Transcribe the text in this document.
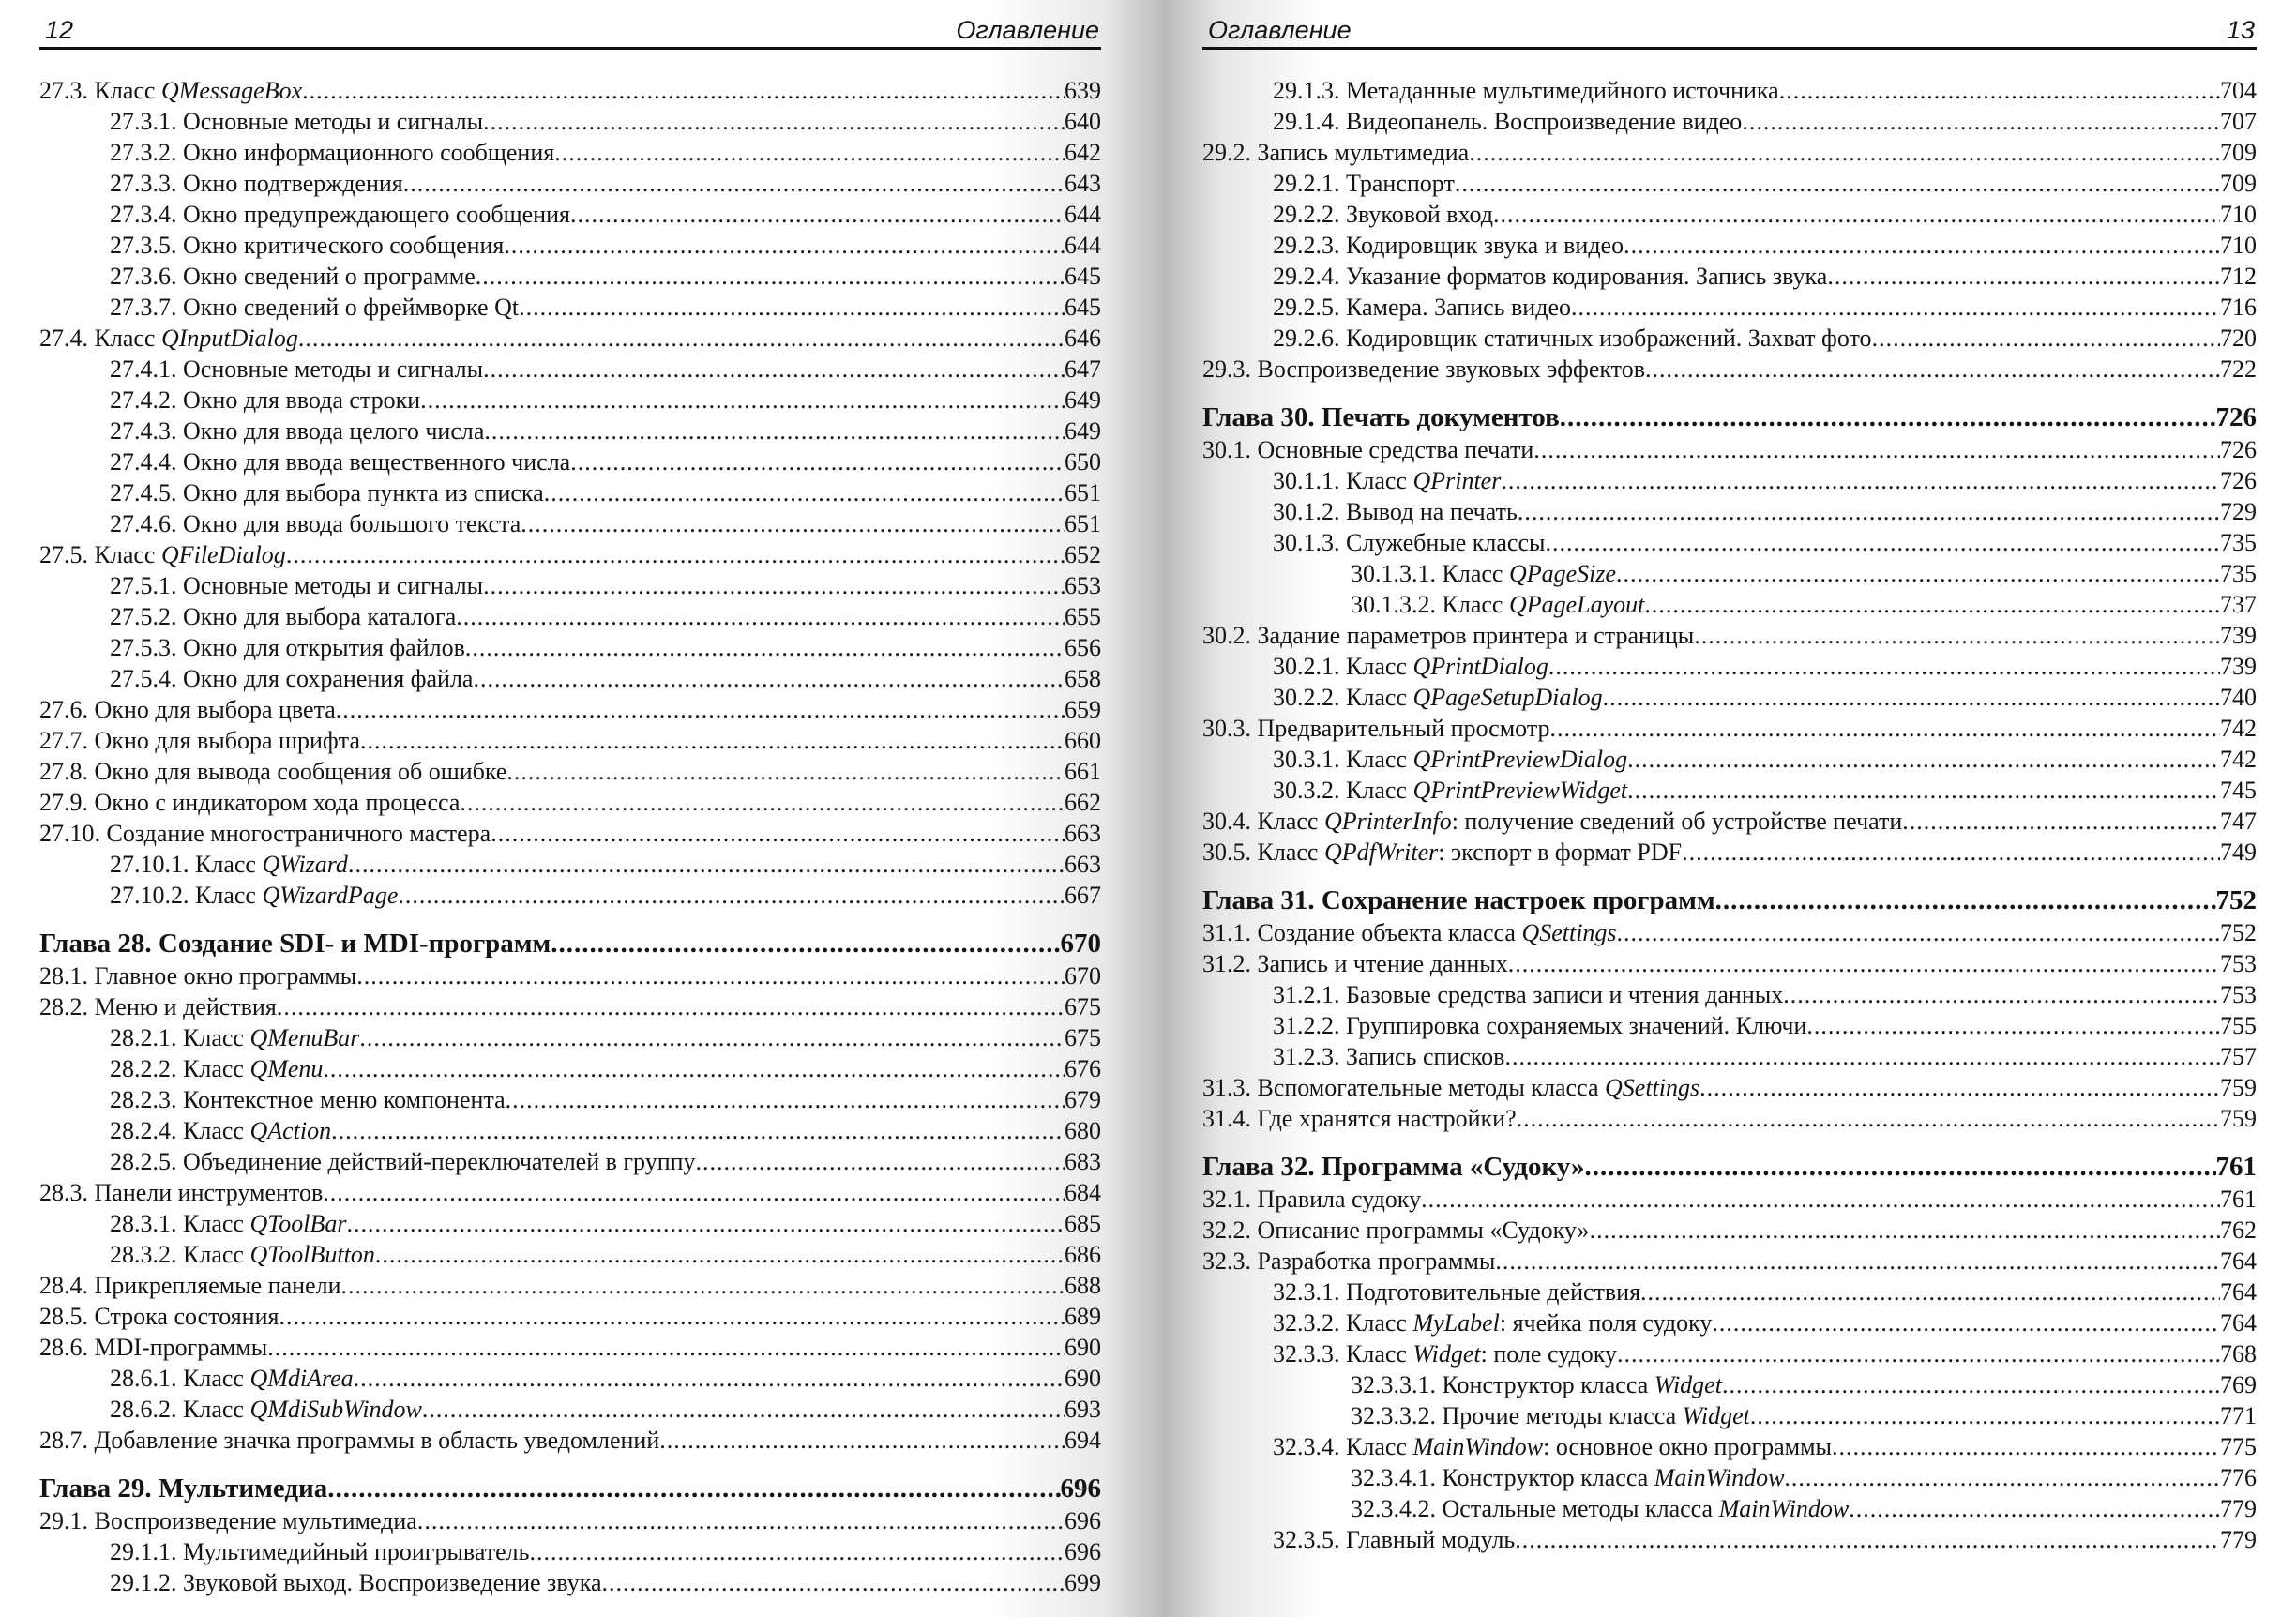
12	Оглавление
27.3. Класс QMessageBox .....	639
27.3.1. Основные методы и сигналы .....	640
27.3.2. Окно информационного сообщения .....	642
27.3.3. Окно подтверждения .....	643
27.3.4. Окно предупреждающего сообщения .....	644
27.3.5. Окно критического сообщения .....	644
27.3.6. Окно сведений о программе .....	645
27.3.7. Окно сведений о фреймворке Qt .....	645
27.4. Класс QInputDialog .....	646
27.4.1. Основные методы и сигналы .....	647
27.4.2. Окно для ввода строки .....	649
27.4.3. Окно для ввода целого числа .....	649
27.4.4. Окно для ввода вещественного числа .....	650
27.4.5. Окно для выбора пункта из списка .....	651
27.4.6. Окно для ввода большого текста .....	651
27.5. Класс QFileDialog .....	652
27.5.1. Основные методы и сигналы .....	653
27.5.2. Окно для выбора каталога .....	655
27.5.3. Окно для открытия файлов .....	656
27.5.4. Окно для сохранения файла .....	658
27.6. Окно для выбора цвета .....	659
27.7. Окно для выбора шрифта .....	660
27.8. Окно для вывода сообщения об ошибке .....	661
27.9. Окно с индикатором хода процесса .....	662
27.10. Создание многостраничного мастера .....	663
27.10.1. Класс QWizard .....	663
27.10.2. Класс QWizardPage .....	667
Глава 28. Создание SDI- и MDI-программ .....	670
28.1. Главное окно программы .....	670
28.2. Меню и действия .....	675
28.2.1. Класс QMenuBar .....	675
28.2.2. Класс QMenu .....	676
28.2.3. Контекстное меню компонента .....	679
28.2.4. Класс QAction .....	680
28.2.5. Объединение действий-переключателей в группу .....	683
28.3. Панели инструментов .....	684
28.3.1. Класс QToolBar .....	685
28.3.2. Класс QToolButton .....	686
28.4. Прикрепляемые панели .....	688
28.5. Строка состояния .....	689
28.6. MDI-программы .....	690
28.6.1. Класс QMdiArea .....	690
28.6.2. Класс QMdiSubWindow .....	693
28.7. Добавление значка программы в область уведомлений .....	694
Глава 29. Мультимедиа .....	696
29.1. Воспроизведение мультимедиа .....	696
29.1.1. Мультимедийный проигрыватель .....	696
29.1.2. Звуковой выход. Воспроизведение звука .....	699
Оглавление	13
29.1.3. Метаданные мультимедийного источника .....	704
29.1.4. Видеопанель. Воспроизведение видео .....	707
29.2. Запись мультимедиа .....	709
29.2.1. Транспорт .....	709
29.2.2. Звуковой вход .....	710
29.2.3. Кодировщик звука и видео .....	710
29.2.4. Указание форматов кодирования. Запись звука .....	712
29.2.5. Камера. Запись видео .....	716
29.2.6. Кодировщик статичных изображений. Захват фото .....	720
29.3. Воспроизведение звуковых эффектов .....	722
Глава 30. Печать документов .....	726
30.1. Основные средства печати .....	726
30.1.1. Класс QPrinter .....	726
30.1.2. Вывод на печать .....	729
30.1.3. Служебные классы .....	735
30.1.3.1. Класс QPageSize .....	735
30.1.3.2. Класс QPageLayout .....	737
30.2. Задание параметров принтера и страницы .....	739
30.2.1. Класс QPrintDialog .....	739
30.2.2. Класс QPageSetupDialog .....	740
30.3. Предварительный просмотр .....	742
30.3.1. Класс QPrintPreviewDialog .....	742
30.3.2. Класс QPrintPreviewWidget .....	745
30.4. Класс QPrinterInfo: получение сведений об устройстве печати .....	747
30.5. Класс QPdfWriter: экспорт в формат PDF .....	749
Глава 31. Сохранение настроек программ .....	752
31.1. Создание объекта класса QSettings .....	752
31.2. Запись и чтение данных .....	753
31.2.1. Базовые средства записи и чтения данных .....	753
31.2.2. Группировка сохраняемых значений. Ключи .....	755
31.2.3. Запись списков .....	757
31.3. Вспомогательные методы класса QSettings .....	759
31.4. Где хранятся настройки? .....	759
Глава 32. Программа «Судоку» .....	761
32.1. Правила судоку .....	761
32.2. Описание программы «Судоку» .....	762
32.3. Разработка программы .....	764
32.3.1. Подготовительные действия .....	764
32.3.2. Класс MyLabel: ячейка поля судоку .....	764
32.3.3. Класс Widget: поле судоку .....	768
32.3.3.1. Конструктор класса Widget .....	769
32.3.3.2. Прочие методы класса Widget .....	771
32.3.4. Класс MainWindow: основное окно программы .....	775
32.3.4.1. Конструктор класса MainWindow .....	776
32.3.4.2. Остальные методы класса MainWindow .....	779
32.3.5. Главный модуль .....	779
